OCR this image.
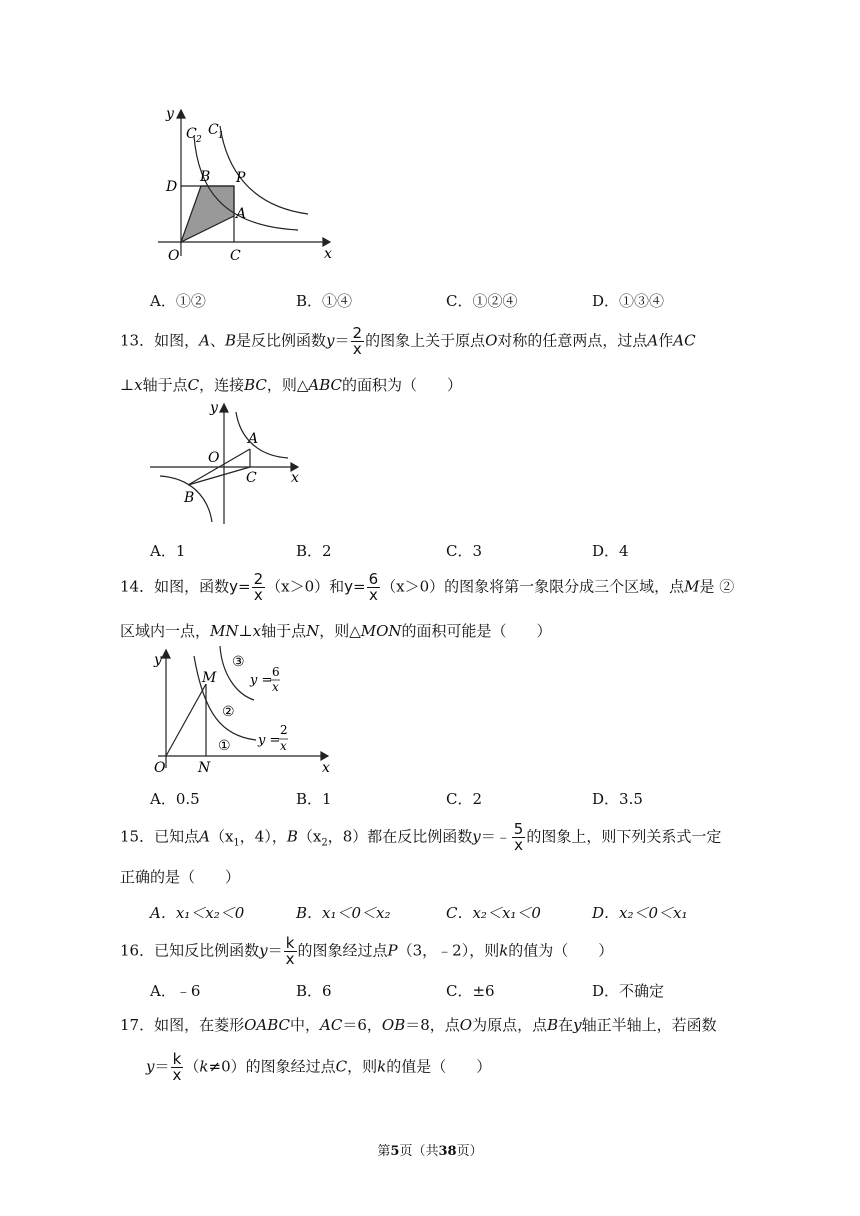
y
x
O	C
D
B P
A
C 2
C 1
A．①②	B．①④	C．①②④	D．①③④
13．如图，A、B是反比例函数$y= \frac{2}{x}$ 的图象上关于原点O对称的任意两点，过点A作AC
⊥x轴于点C，连接BC，则△ABC的面积为（　　）
y
x
O
A
B
C
A．1	B．2	C．3	D．4
14．如图，函数$y= \frac{2}{x} (x>0)$和$y= \frac{6}{x} (x>0)$的图象将第一象限分成三个区域，点M是 ②
区域内一点，MN⊥x轴于点N，则△MON的面积可能是（　　）
y
x
O
M
N
①
②
③
y =
6
x
y =
2
x
A．0.5	B．1	C．2	D．3.5
15．已知点$A(x_1$，4），$B(x_2$，8）都在反比例函数y＝﹣ $\frac{5}{x}$ 的图象上，则下列关系式一定
正确的是（　　）
A．x₁＜x₂＜0	B．x₁＜0＜x₂	C．x₂＜x₁＜0	D．x₂＜0＜x₁
16．已知反比例函数$y= \frac{k}{x}$ 的图象经过点P（3，﹣2），则k的值为（　　）
A．﹣6	B．6	C．±6	D．不确定
17．如图，在菱形OABC中，AC＝6，OB＝8，点O为原点，点B在y轴正半轴上，若函数
$y= \frac{k}{x} (k\ne 0)$的图象经过点C，则k的值是（　　）
第5页（共38页）
